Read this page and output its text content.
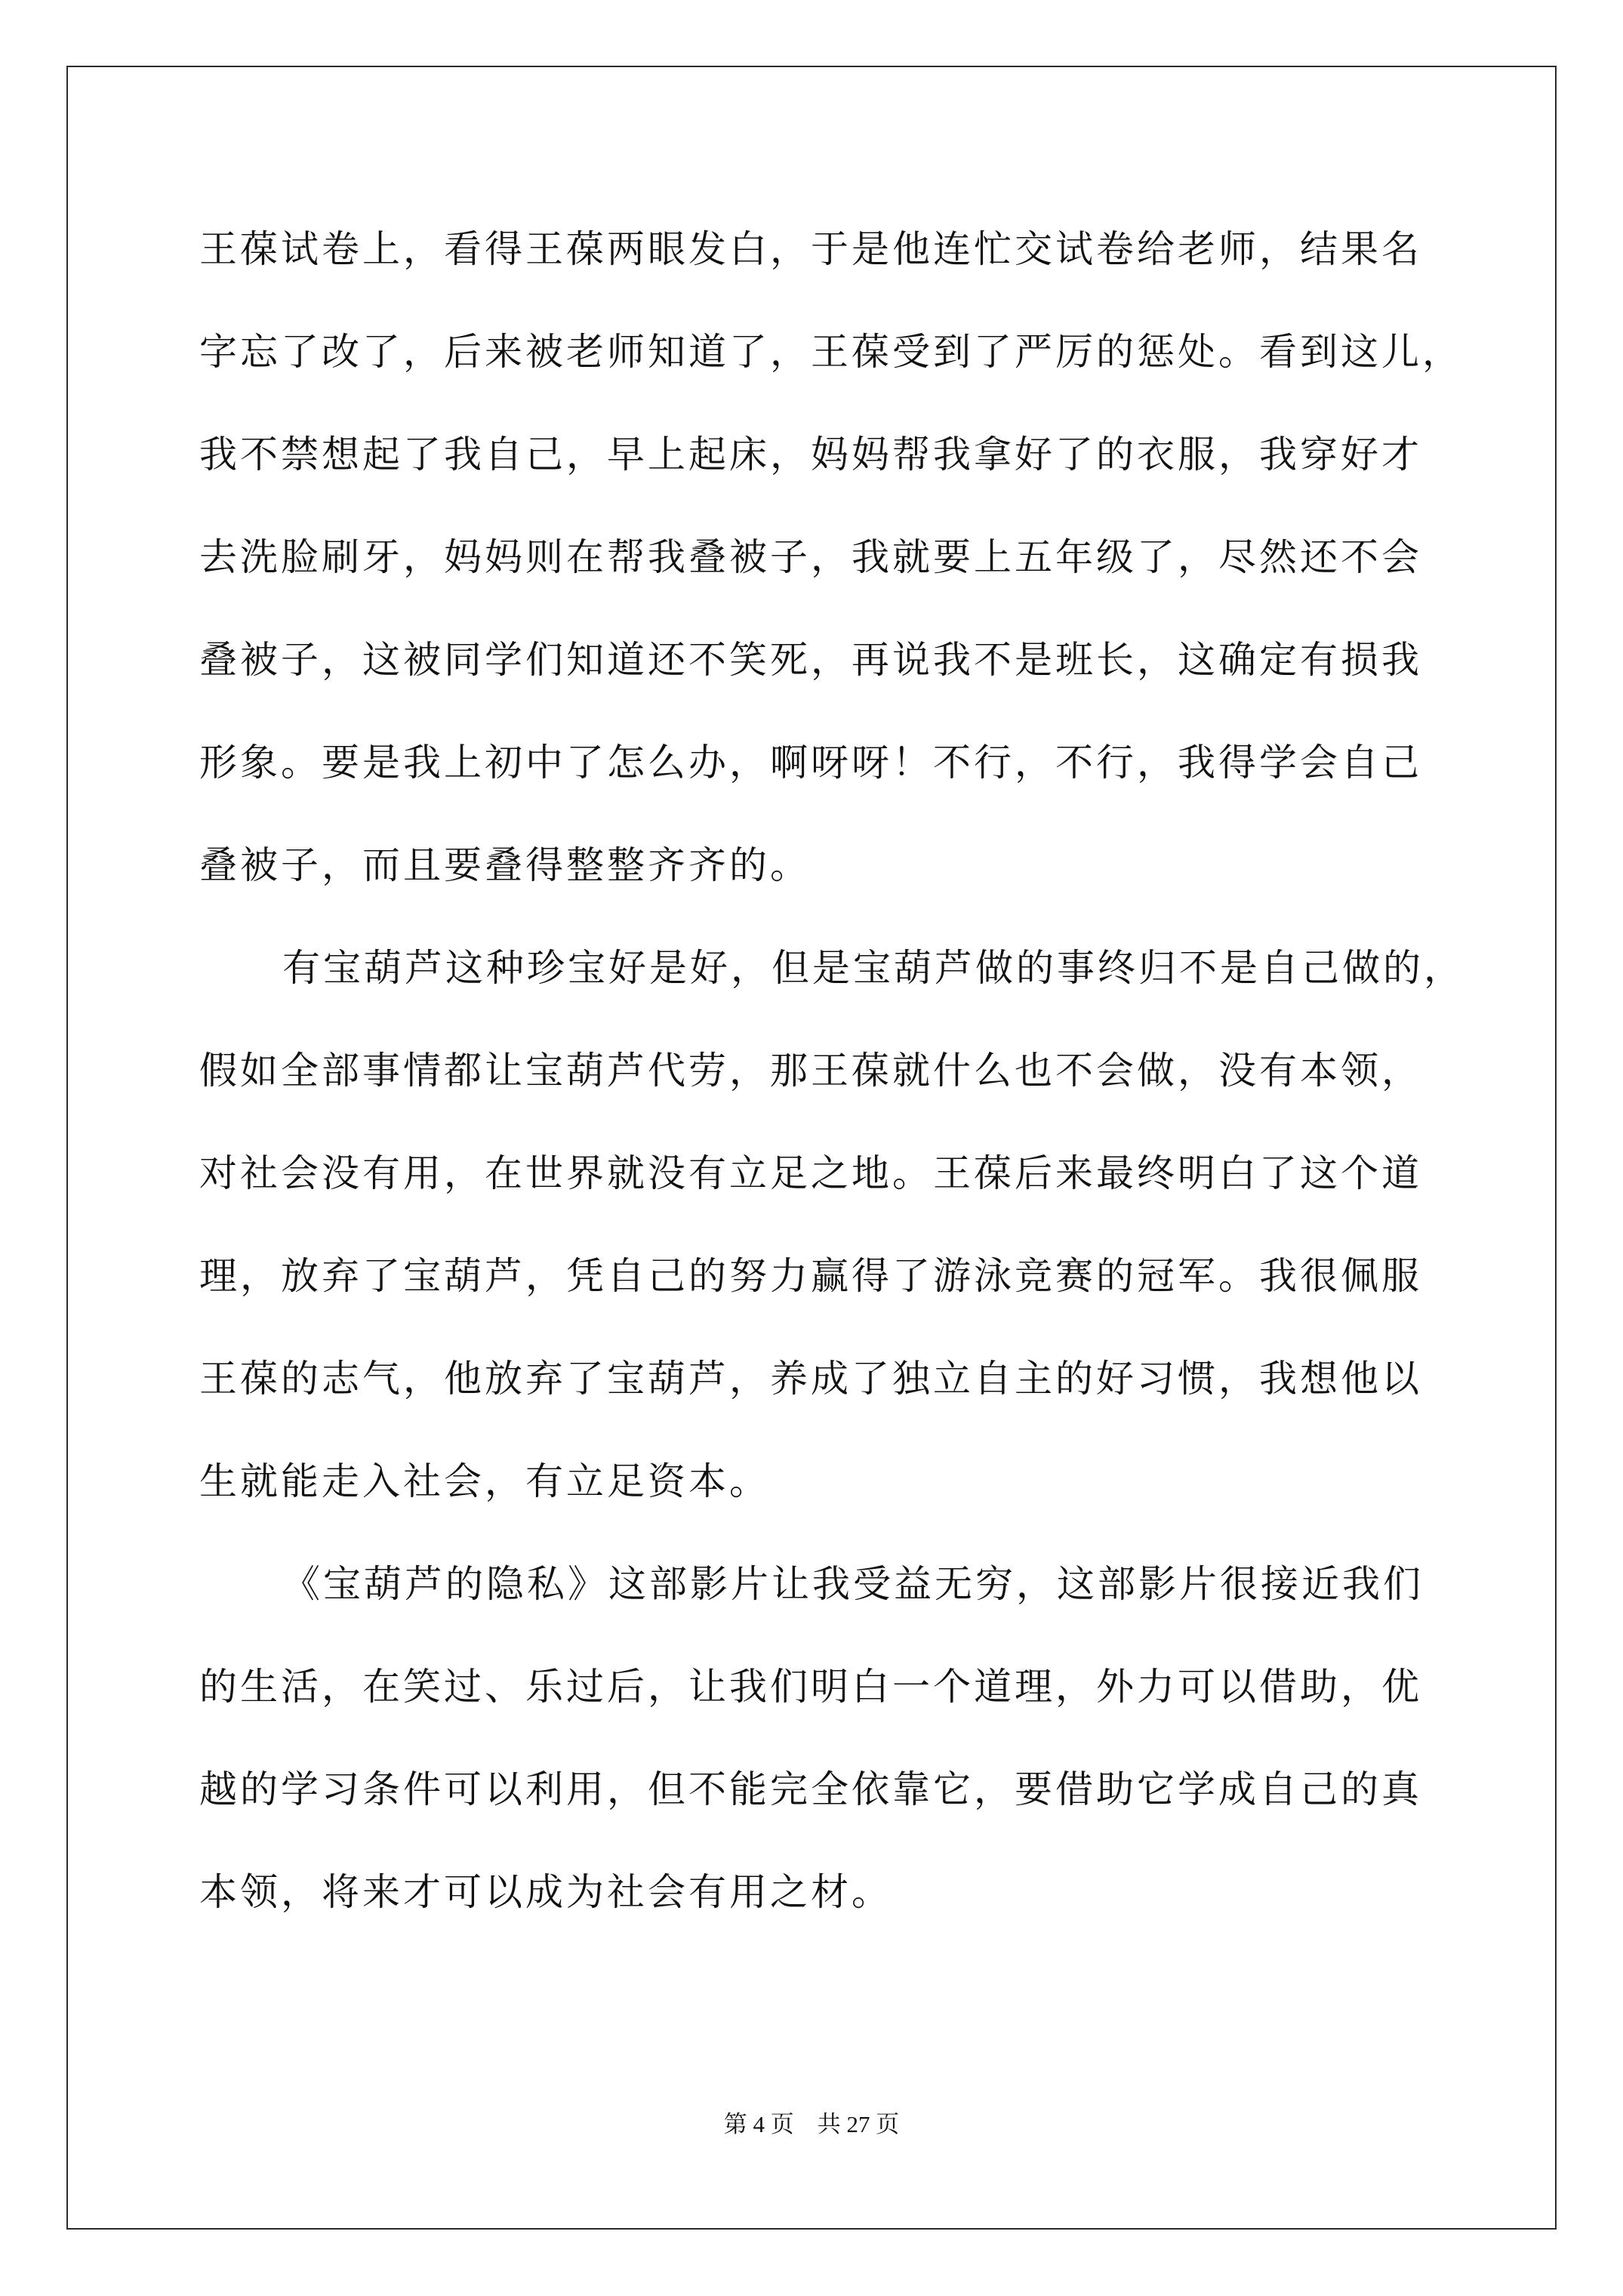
王葆试卷上，看得王葆两眼发白，于是他连忙交试卷给老师，结果名
字忘了改了，后来被老师知道了，王葆受到了严厉的惩处。看到这儿，
我不禁想起了我自己，早上起床，妈妈帮我拿好了的衣服，我穿好才
去洗脸刷牙，妈妈则在帮我叠被子，我就要上五年级了，尽然还不会
叠被子，这被同学们知道还不笑死，再说我不是班长，这确定有损我
形象。要是我上初中了怎么办，啊呀呀！不行，不行，我得学会自己
叠被子，而且要叠得整整齐齐的。
有宝葫芦这种珍宝好是好，但是宝葫芦做的事终归不是自己做的，
假如全部事情都让宝葫芦代劳，那王葆就什么也不会做，没有本领，
对社会没有用，在世界就没有立足之地。王葆后来最终明白了这个道
理，放弃了宝葫芦，凭自己的努力赢得了游泳竞赛的冠军。我很佩服
王葆的志气，他放弃了宝葫芦，养成了独立自主的好习惯，我想他以
生就能走入社会，有立足资本。
《宝葫芦的隐私》这部影片让我受益无穷，这部影片很接近我们
的生活，在笑过、乐过后，让我们明白一个道理，外力可以借助，优
越的学习条件可以利用，但不能完全依靠它，要借助它学成自己的真
本领，将来才可以成为社会有用之材。
第 4 页 共 27 页
